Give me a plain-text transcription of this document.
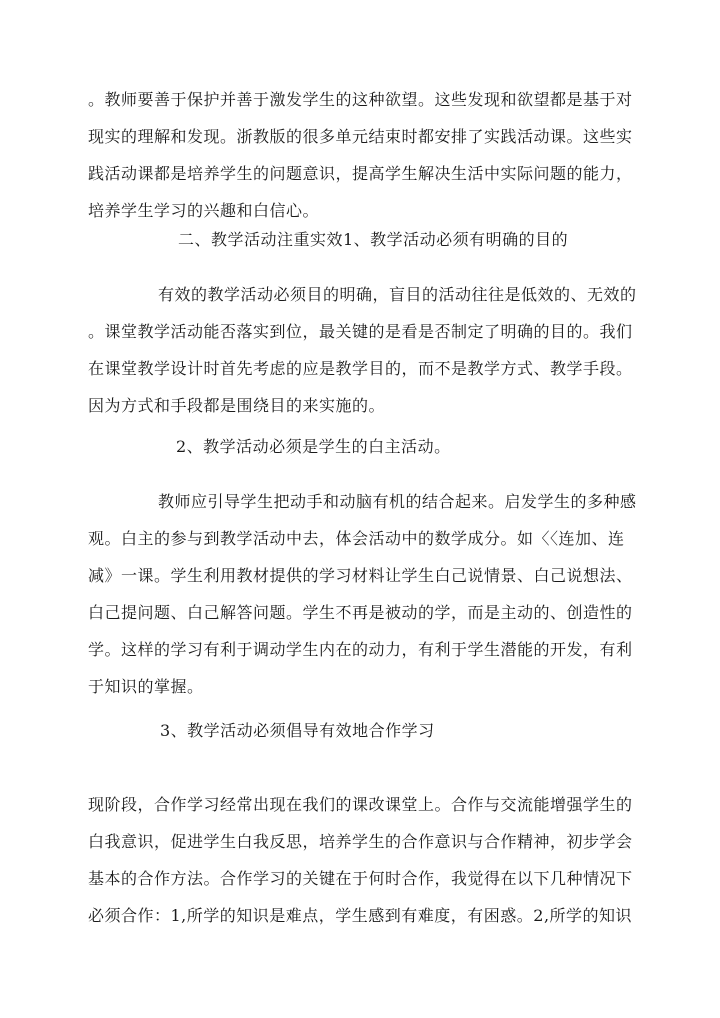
。教师要善于保护并善于激发学生的这种欲望。这些发现和欲望都是基于对
现实的理解和发现。浙教版的很多单元结束时都安排了实践活动课。这些实
践活动课都是培养学生的问题意识，提高学生解决生活中实际问题的能力，
培养学生学习的兴趣和白信心。
二、教学活动注重实效1、教学活动必须有明确的目的
有效的教学活动必须目的明确，盲目的活动往往是低效的、无效的
。课堂教学活动能否落实到位，最关键的是看是否制定了明确的目的。我们
在课堂教学设计时首先考虑的应是教学目的，而不是教学方式、教学手段。
因为方式和手段都是围绕目的来实施的。
2、教学活动必须是学生的白主活动。
教师应引导学生把动手和动脑有机的结合起来。启发学生的多种感
观。白主的参与到教学活动中去，体会活动中的数学成分。如〈〈连加、连
减》一课。学生利用教材提供的学习材料让学生白己说情景、白己说想法、
白己提问题、白己解答问题。学生不再是被动的学，而是主动的、创造性的
学。这样的学习有利于调动学生内在的动力，有利于学生潜能的开发，有利
于知识的掌握。
3、教学活动必须倡导有效地合作学习
现阶段，合作学习经常出现在我们的课改课堂上。合作与交流能增强学生的
白我意识，促进学生白我反思，培养学生的合作意识与合作精神，初步学会
基本的合作方法。合作学习的关键在于何时合作，我觉得在以下几种情况下
必须合作：1,所学的知识是难点，学生感到有难度，有困惑。2,所学的知识
